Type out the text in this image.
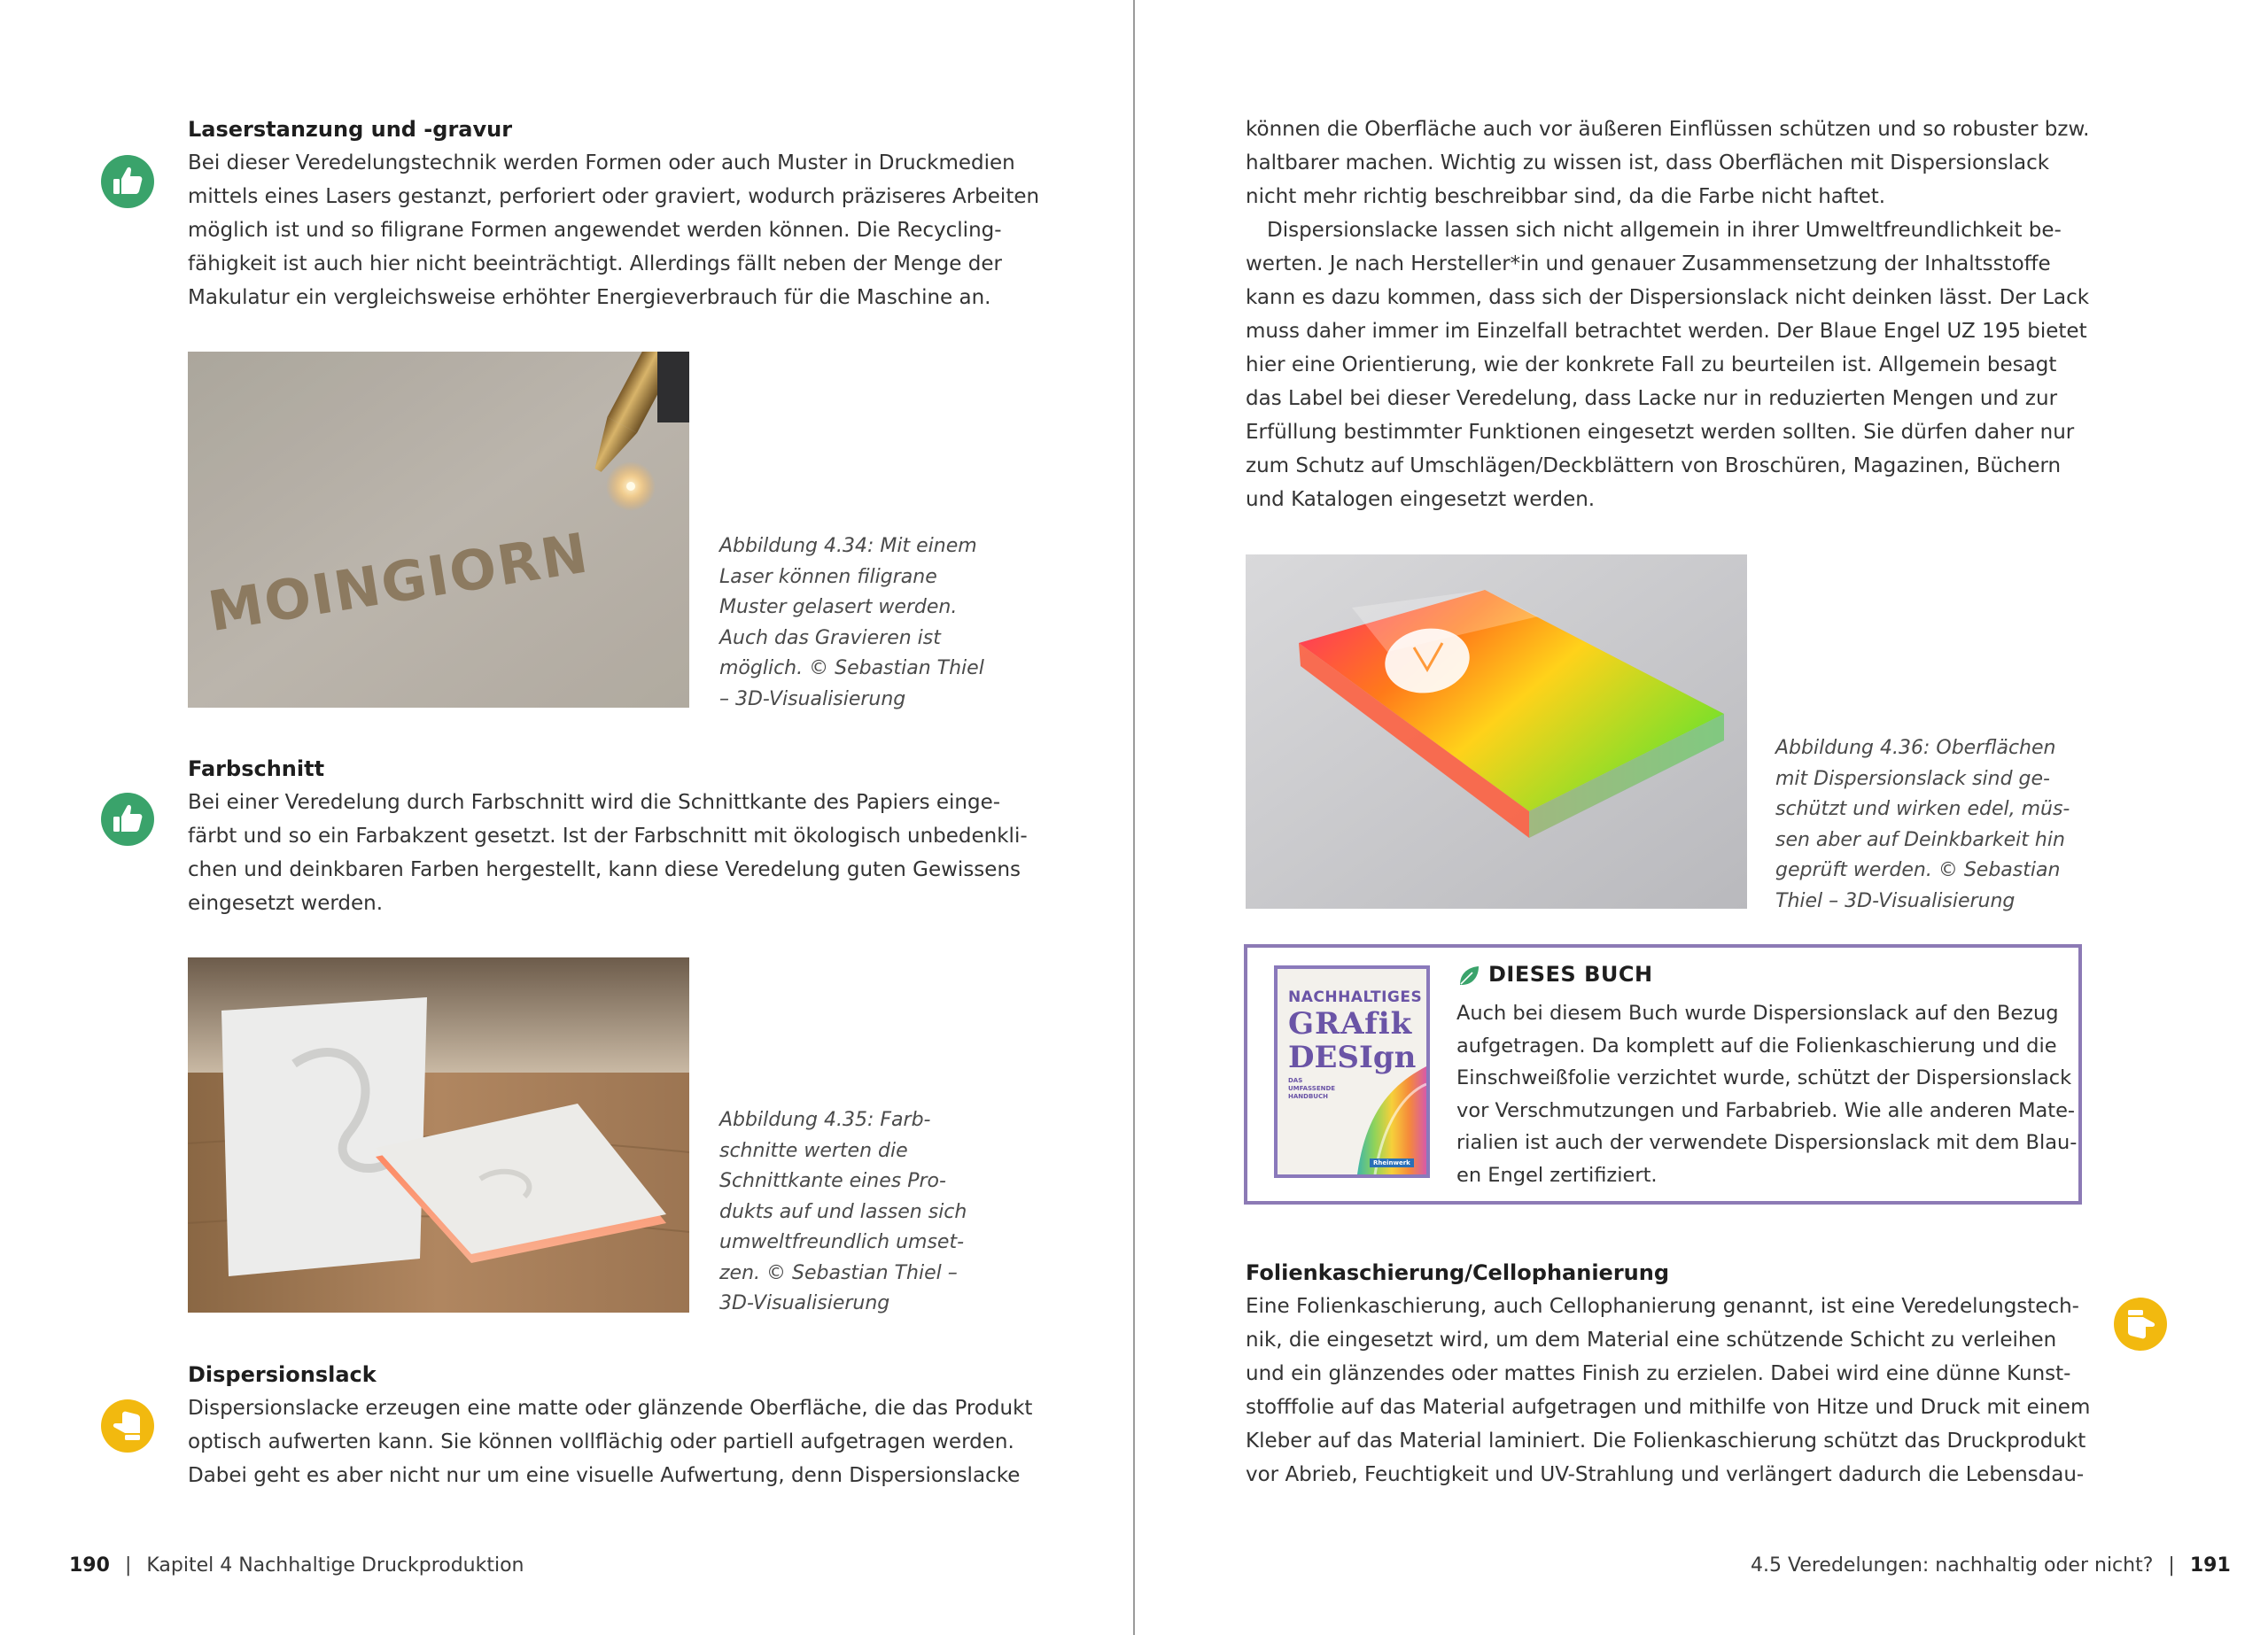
Laserstanzung und -gravur
Bei dieser Veredelungstechnik werden Formen oder auch Muster in Druckmedien
mittels eines Lasers gestanzt, perforiert oder graviert, wodurch präziseres Arbeiten
möglich ist und so filigrane Formen angewendet werden können. Die Recycling-
fähigkeit ist auch hier nicht beeinträchtigt. Allerdings fällt neben der Menge der
Makulatur ein vergleichsweise erhöhter Energieverbrauch für die Maschine an.
MOINGIORN	Abbildung 4.34: Mit einem
Laser können filigrane
Muster gelasert werden.
Auch das Gravieren ist
möglich. © Sebastian Thiel
– 3D-Visualisierung
Farbschnitt
Bei einer Veredelung durch Farbschnitt wird die Schnittkante des Papiers einge-
färbt und so ein Farbakzent gesetzt. Ist der Farbschnitt mit ökologisch unbedenkli-
chen und deinkbaren Farben hergestellt, kann diese Veredelung guten Gewissens
eingesetzt werden.
Abbildung 4.35: Farb-
schnitte werten die
Schnittkante eines Pro-
dukts auf und lassen sich
umweltfreundlich umset-
zen. © Sebastian Thiel –
3D-Visualisierung
Dispersionslack
Dispersionslacke erzeugen eine matte oder glänzende Oberfläche, die das Produkt
optisch aufwerten kann. Sie können vollflächig oder partiell aufgetragen werden.
Dabei geht es aber nicht nur um eine visuelle Aufwertung, denn Dispersionslacke
190 | Kapitel 4 Nachhaltige Druckproduktion
können die Oberfläche auch vor äußeren Einflüssen schützen und so robuster bzw.
haltbarer machen. Wichtig zu wissen ist, dass Oberflächen mit Dispersionslack
nicht mehr richtig beschreibbar sind, da die Farbe nicht haftet.
Dispersionslacke lassen sich nicht allgemein in ihrer Umweltfreundlichkeit be-
werten. Je nach Hersteller*in und genauer Zusammensetzung der Inhaltsstoffe
kann es dazu kommen, dass sich der Dispersionslack nicht deinken lässt. Der Lack
muss daher immer im Einzelfall betrachtet werden. Der Blaue Engel UZ 195 bietet
hier eine Orientierung, wie der konkrete Fall zu beurteilen ist. Allgemein besagt
das Label bei dieser Veredelung, dass Lacke nur in reduzierten Mengen und zur
Erfüllung bestimmter Funktionen eingesetzt werden sollten. Sie dürfen daher nur
zum Schutz auf Umschlägen/Deckblättern von Broschüren, Magazinen, Büchern
und Katalogen eingesetzt werden.
Abbildung 4.36: Oberflächen
mit Dispersionslack sind ge-
schützt und wirken edel, müs-
sen aber auf Deinkbarkeit hin
geprüft werden. © Sebastian
Thiel – 3D-Visualisierung
Folienkaschierung/Cellophanierung
Eine Folienkaschierung, auch Cellophanierung genannt, ist eine Veredelungstech-
nik, die eingesetzt wird, um dem Material eine schützende Schicht zu verleihen
und ein glänzendes oder mattes Finish zu erzielen. Dabei wird eine dünne Kunst-
stofffolie auf das Material aufgetragen und mithilfe von Hitze und Druck mit einem
Kleber auf das Material laminiert. Die Folienkaschierung schützt das Druckprodukt
vor Abrieb, Feuchtigkeit und UV-Strahlung und verlängert dadurch die Lebensdau-
4.5 Veredelungen: nachhaltig oder nicht? | 191
NACHHALTIGES
GRAfik
DESIgn
DAS
UMFASSENDE
HANDBUCH
Rheinwerk
DIESES BUCH
Auch bei diesem Buch wurde Dispersionslack auf den Bezug
aufgetragen. Da komplett auf die Folienkaschierung und die
Einschweißfolie verzichtet wurde, schützt der Dispersionslack
vor Verschmutzungen und Farbabrieb. Wie alle anderen Mate-
rialien ist auch der verwendete Dispersionslack mit dem Blau-
en Engel zertifiziert.
